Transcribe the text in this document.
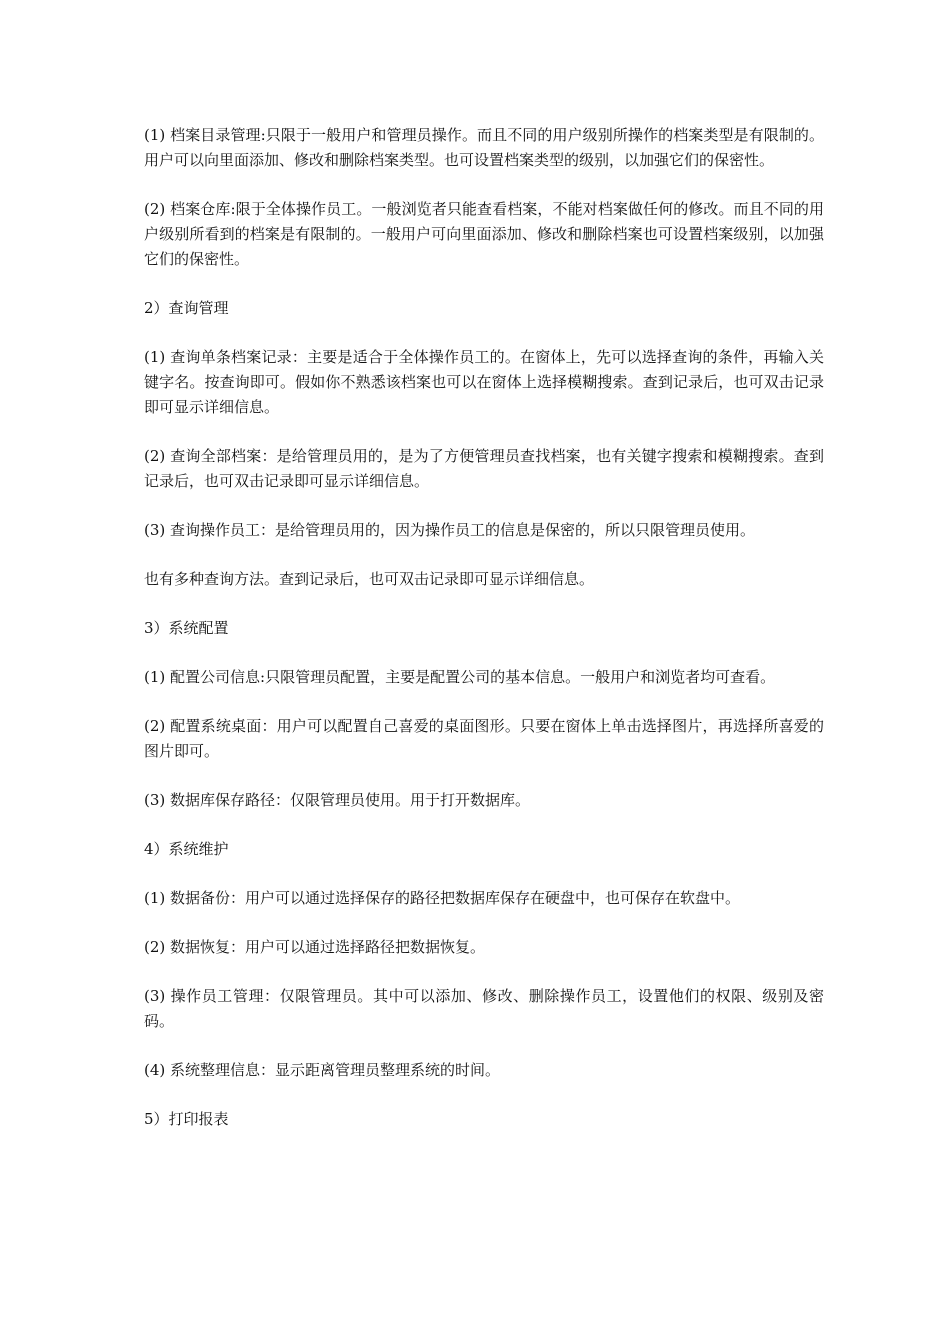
(1) 档案目录管理:只限于一般用户和管理员操作。而且不同的用户级别所操作的档案类型是有限制的。用户可以向里面添加、修改和删除档案类型。也可设置档案类型的级别，以加强它们的保密性。

(2) 档案仓库:限于全体操作员工。一般浏览者只能查看档案，不能对档案做任何的修改。而且不同的用户级别所看到的档案是有限制的。一般用户可向里面添加、修改和删除档案也可设置档案级别，以加强它们的保密性。

2）查询管理

(1) 查询单条档案记录：主要是适合于全体操作员工的。在窗体上，先可以选择查询的条件，再输入关键字名。按查询即可。假如你不熟悉该档案也可以在窗体上选择模糊搜索。查到记录后，也可双击记录即可显示详细信息。

(2) 查询全部档案：是给管理员用的，是为了方便管理员查找档案，也有关键字搜索和模糊搜索。查到记录后，也可双击记录即可显示详细信息。

(3) 查询操作员工：是给管理员用的，因为操作员工的信息是保密的，所以只限管理员使用。

也有多种查询方法。查到记录后，也可双击记录即可显示详细信息。

3）系统配置

(1) 配置公司信息:只限管理员配置，主要是配置公司的基本信息。一般用户和浏览者均可查看。

(2) 配置系统桌面：用户可以配置自己喜爱的桌面图形。只要在窗体上单击选择图片，再选择所喜爱的图片即可。

(3) 数据库保存路径：仅限管理员使用。用于打开数据库。

4）系统维护

(1) 数据备份：用户可以通过选择保存的路径把数据库保存在硬盘中，也可保存在软盘中。

(2) 数据恢复：用户可以通过选择路径把数据恢复。

(3) 操作员工管理：仅限管理员。其中可以添加、修改、删除操作员工，设置他们的权限、级别及密码。

(4) 系统整理信息：显示距离管理员整理系统的时间。

5）打印报表
